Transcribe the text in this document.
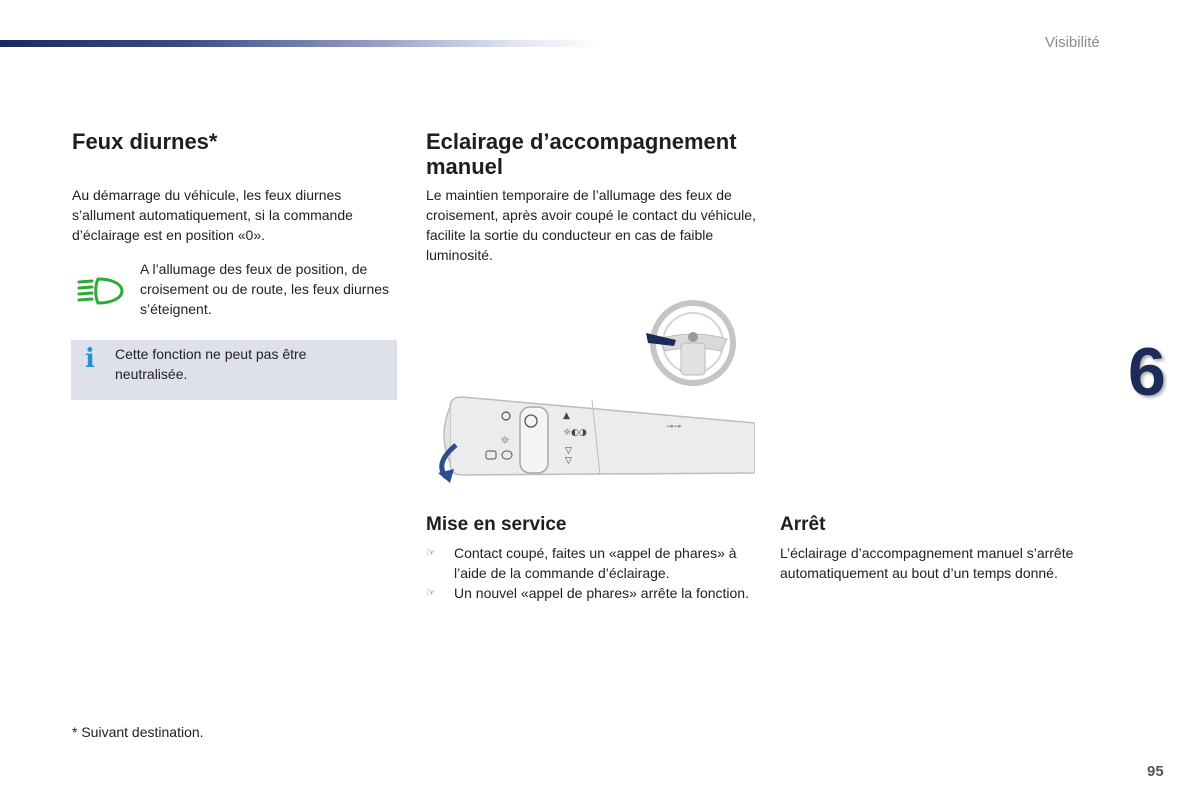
Visibilité
6
Feux diurnes*

Au démarrage du véhicule, les feux diurnes s’allument automatiquement, si la commande d’éclairage est en position «0».

A l’allumage des feux de position, de croisement ou de route, les feux diurnes s’éteignent.

i Cette fonction ne peut pas être neutralisée.
Eclairage d’accompagnement manuel

Le maintien temporaire de l’allumage des feux de croisement, après avoir coupé le contact du véhicule, facilite la sortie du conducteur en cas de faible luminosité.

▲
☼◐◑
▽
▽
☼
⊸⊸
Mise en service
☞ Contact coupé, faites un «appel de phares» à l’aide de la commande d’éclairage.
☞ Un nouvel «appel de phares» arrête la fonction.
Arrêt

L’éclairage d’accompagnement manuel s’arrête automatiquement au bout d’un temps donné.

* Suivant destination.

95
